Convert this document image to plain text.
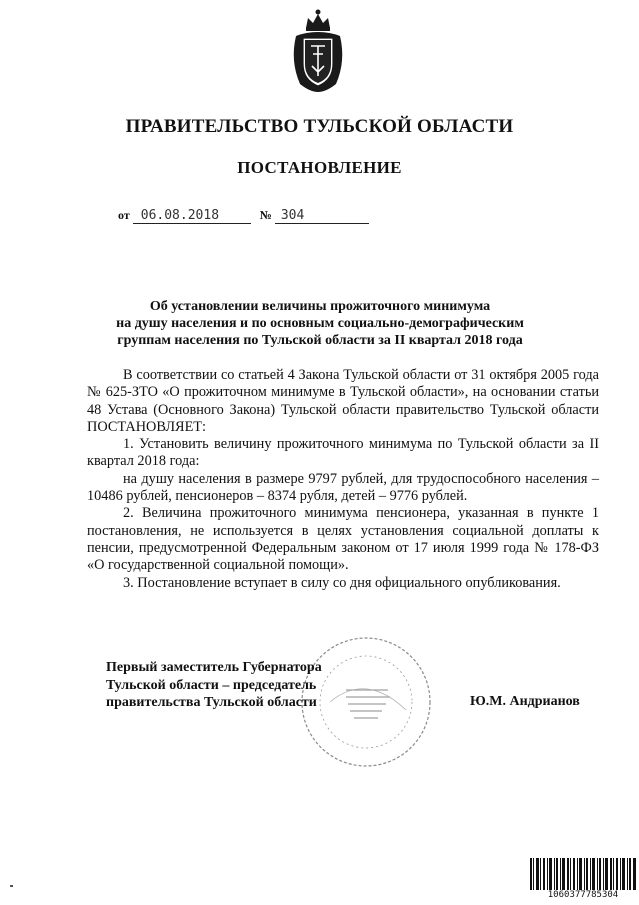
ПРАВИТЕЛЬСТВО ТУЛЬСКОЙ ОБЛАСТИ
ПОСТАНОВЛЕНИЕ
от 06.08.2018	№ 304
Об установлении величины прожиточного минимума
на душу населения и по основным социально-демографическим
группам населения по Тульской области за II квартал 2018 года

В соответствии со статьей 4 Закона Тульской области от 31 октября 2005 года № 625-ЗТО «О прожиточном минимуме в Тульской области», на основании статьи 48 Устава (Основного Закона) Тульской области правительство Тульской области ПОСТАНОВЛЯЕТ:

1. Установить величину прожиточного минимума по Тульской области за II квартал 2018 года:

на душу населения в размере 9797 рублей, для трудоспособного населения – 10486 рублей, пенсионеров – 8374 рубля, детей – 9776 рублей.

2. Величина прожиточного минимума пенсионера, указанная в пункте 1 постановления, не используется в целях установления социальной доплаты к пенсии, предусмотренной Федеральным законом от 17 июля 1999 года № 178-ФЗ «О государственной социальной помощи».

3. Постановление вступает в силу со дня официального опубликования.

Первый заместитель Губернатора
Тульской области – председатель
правительства Тульской области	Ю.М. Андрианов
1060377785304
